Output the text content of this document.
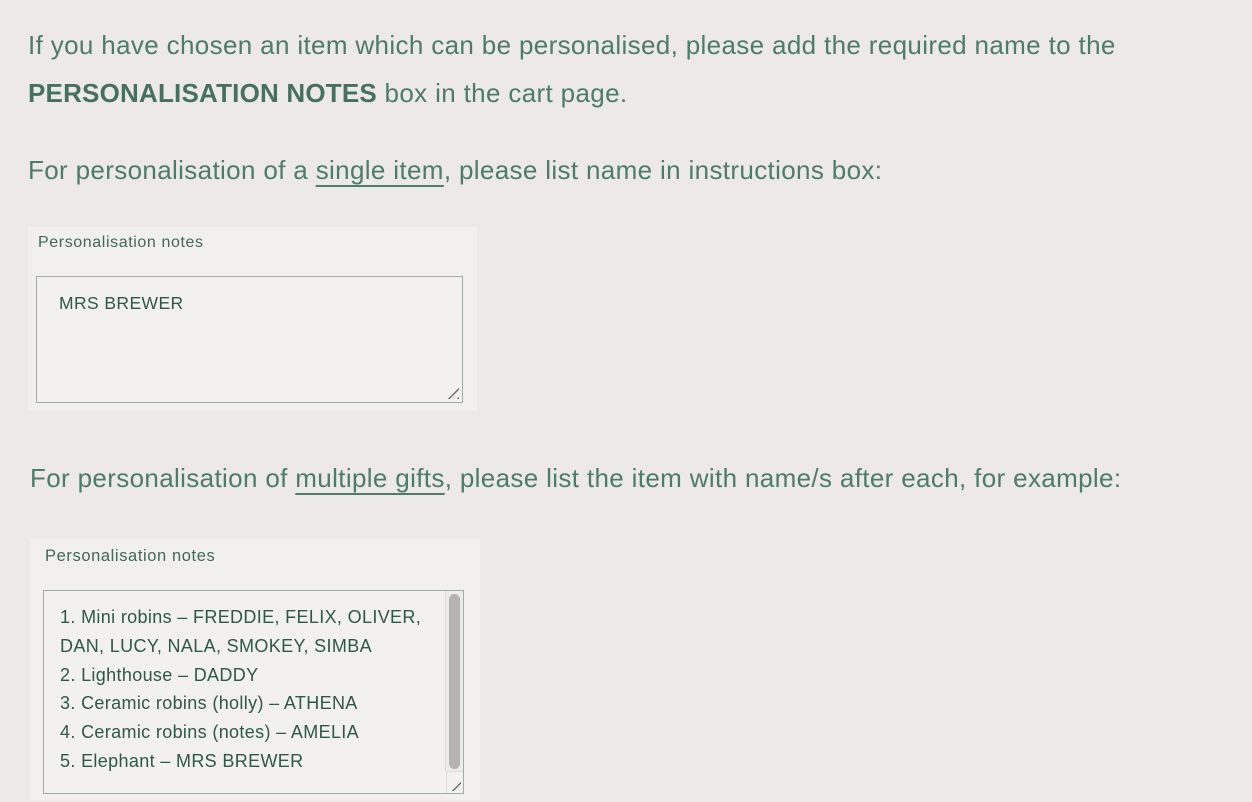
If you have chosen an item which can be personalised, please add the required name to the

PERSONALISATION NOTES box in the cart page.

For personalisation of a single item, please list name in instructions box:

Personalisation notes
MRS BREWER

For personalisation of multiple gifts, please list the item with name/s after each, for example:

Personalisation notes
1. Mini robins – FREDDIE, FELIX, OLIVER,
DAN, LUCY, NALA, SMOKEY, SIMBA
2. Lighthouse – DADDY
3. Ceramic robins (holly) – ATHENA
4. Ceramic robins (notes) – AMELIA
5. Elephant – MRS BREWER
